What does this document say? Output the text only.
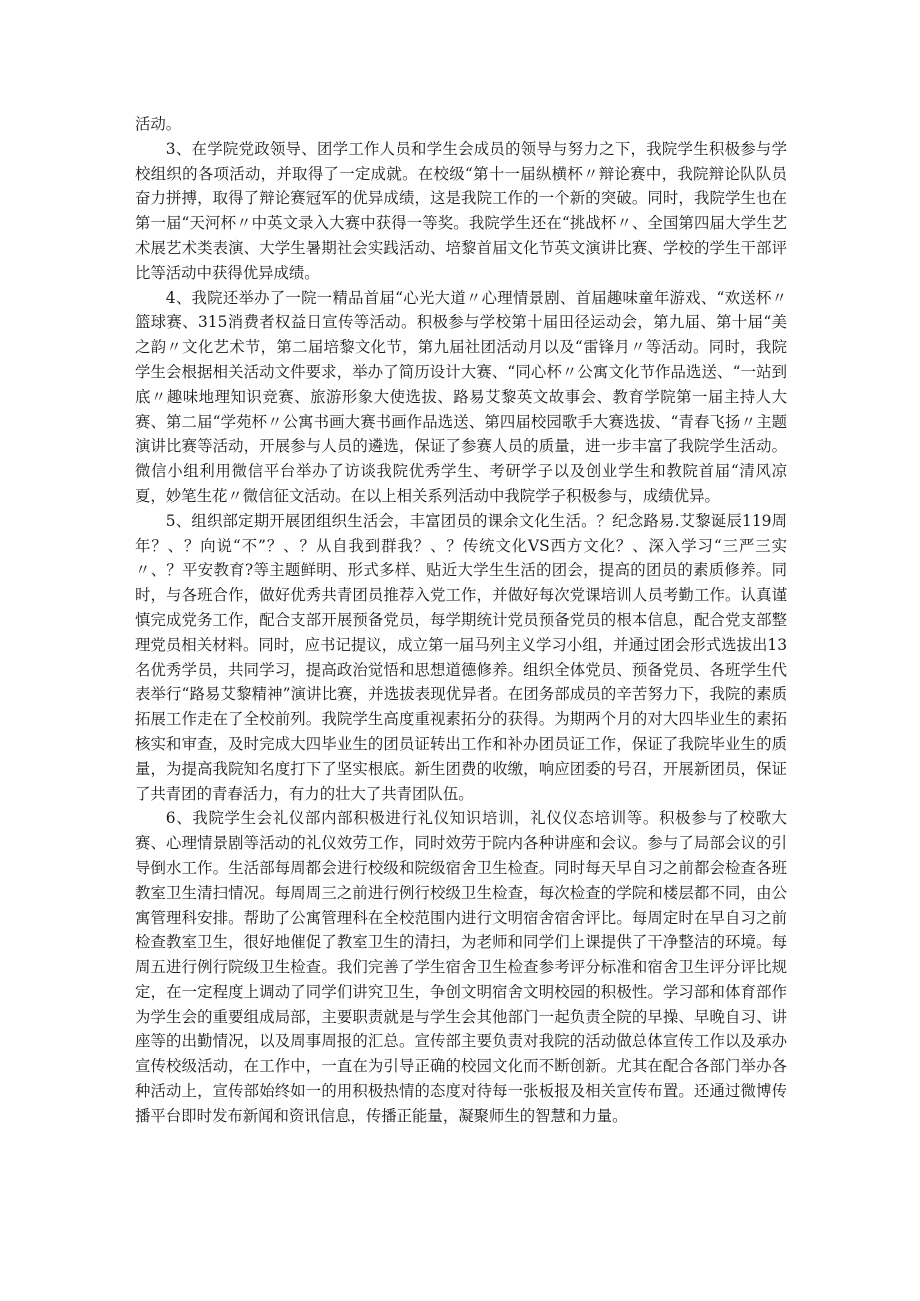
活动。

3、在学院党政领导、团学工作人员和学生会成员的领导与努力之下，我院学生积极参与学校组织的各项活动，并取得了一定成就。在校级“第十一届纵横杯〃辩论赛中，我院辩论队队员奋力拼搏，取得了辩论赛冠军的优异成绩，这是我院工作的一个新的突破。同时，我院学生也在第一届“天河杯〃中英文录入大赛中获得一等奖。我院学生还在“挑战杯〃、全国第四届大学生艺术展艺术类表演、大学生暑期社会实践活动、培黎首届文化节英文演讲比赛、学校的学生干部评比等活动中获得优异成绩。

4、我院还举办了一院一精品首届“心光大道〃心理情景剧、首届趣味童年游戏、“欢送杯〃篮球赛、315消费者权益日宣传等活动。积极参与学校第十届田径运动会，第九届、第十届“美之韵〃文化艺术节，第二届培黎文化节，第九届社团活动月以及“雷锋月〃等活动。同时，我院学生会根据相关活动文件要求，举办了简历设计大赛、“同心杯〃公寓文化节作品选送、“一站到底〃趣味地理知识竞赛、旅游形象大使选拔、路易艾黎英文故事会、教育学院第一届主持人大赛、第二届“学苑杯〃公寓书画大赛书画作品选送、第四届校园歌手大赛选拔、“青春飞扬〃主题演讲比赛等活动，开展参与人员的遴选，保证了参赛人员的质量，进一步丰富了我院学生活动。微信小组利用微信平台举办了访谈我院优秀学生、考研学子以及创业学生和教院首届“清风凉夏，妙笔生花〃微信征文活动。在以上相关系列活动中我院学子积极参与，成绩优异。

5、组织部定期开展团组织生活会，丰富团员的课余文化生活。？纪念路易.艾黎诞辰119周年？、？向说“不”？、？从自我到群我？、？传统文化VS西方文化？、深入学习“三严三实〃、？平安教育?等主题鲜明、形式多样、贴近大学生生活的团会，提高的团员的素质修养。同时，与各班合作，做好优秀共青团员推荐入党工作，并做好每次党课培训人员考勤工作。认真谨慎完成党务工作，配合支部开展预备党员，每学期统计党员预备党员的根本信息，配合党支部整理党员相关材料。同时，应书记提议，成立第一届马列主义学习小组，并通过团会形式选拔出13名优秀学员，共同学习，提高政治觉悟和思想道德修养。组织全体党员、预备党员、各班学生代表举行“路易艾黎精神”演讲比赛，并选拔表现优异者。在团务部成员的辛苦努力下，我院的素质拓展工作走在了全校前列。我院学生高度重视素拓分的获得。为期两个月的对大四毕业生的素拓核实和审查，及时完成大四毕业生的团员证转出工作和补办团员证工作，保证了我院毕业生的质量，为提高我院知名度打下了坚实根底。新生团费的收缴，响应团委的号召，开展新团员，保证了共青团的青春活力，有力的壮大了共青团队伍。

6、我院学生会礼仪部内部积极进行礼仪知识培训，礼仪仪态培训等。积极参与了校歌大赛、心理情景剧等活动的礼仪效劳工作，同时效劳于院内各种讲座和会议。参与了局部会议的引导倒水工作。生活部每周都会进行校级和院级宿舍卫生检查。同时每天早自习之前都会检查各班教室卫生清扫情况。每周周三之前进行例行校级卫生检查，每次检查的学院和楼层都不同，由公寓管理科安排。帮助了公寓管理科在全校范围内进行文明宿舍宿舍评比。每周定时在早自习之前检查教室卫生，很好地催促了教室卫生的清扫，为老师和同学们上课提供了干净整洁的环境。每周五进行例行院级卫生检查。我们完善了学生宿舍卫生检查参考评分标准和宿舍卫生评分评比规定，在一定程度上调动了同学们讲究卫生，争创文明宿舍文明校园的积极性。学习部和体育部作为学生会的重要组成局部，主要职责就是与学生会其他部门一起负责全院的早操、早晚自习、讲座等的出勤情况，以及周事周报的汇总。宣传部主要负责对我院的活动做总体宣传工作以及承办宣传校级活动，在工作中，一直在为引导正确的校园文化而不断创新。尤其在配合各部门举办各种活动上，宣传部始终如一的用积极热情的态度对待每一张板报及相关宣传布置。还通过微博传播平台即时发布新闻和资讯信息，传播正能量，凝聚师生的智慧和力量。
